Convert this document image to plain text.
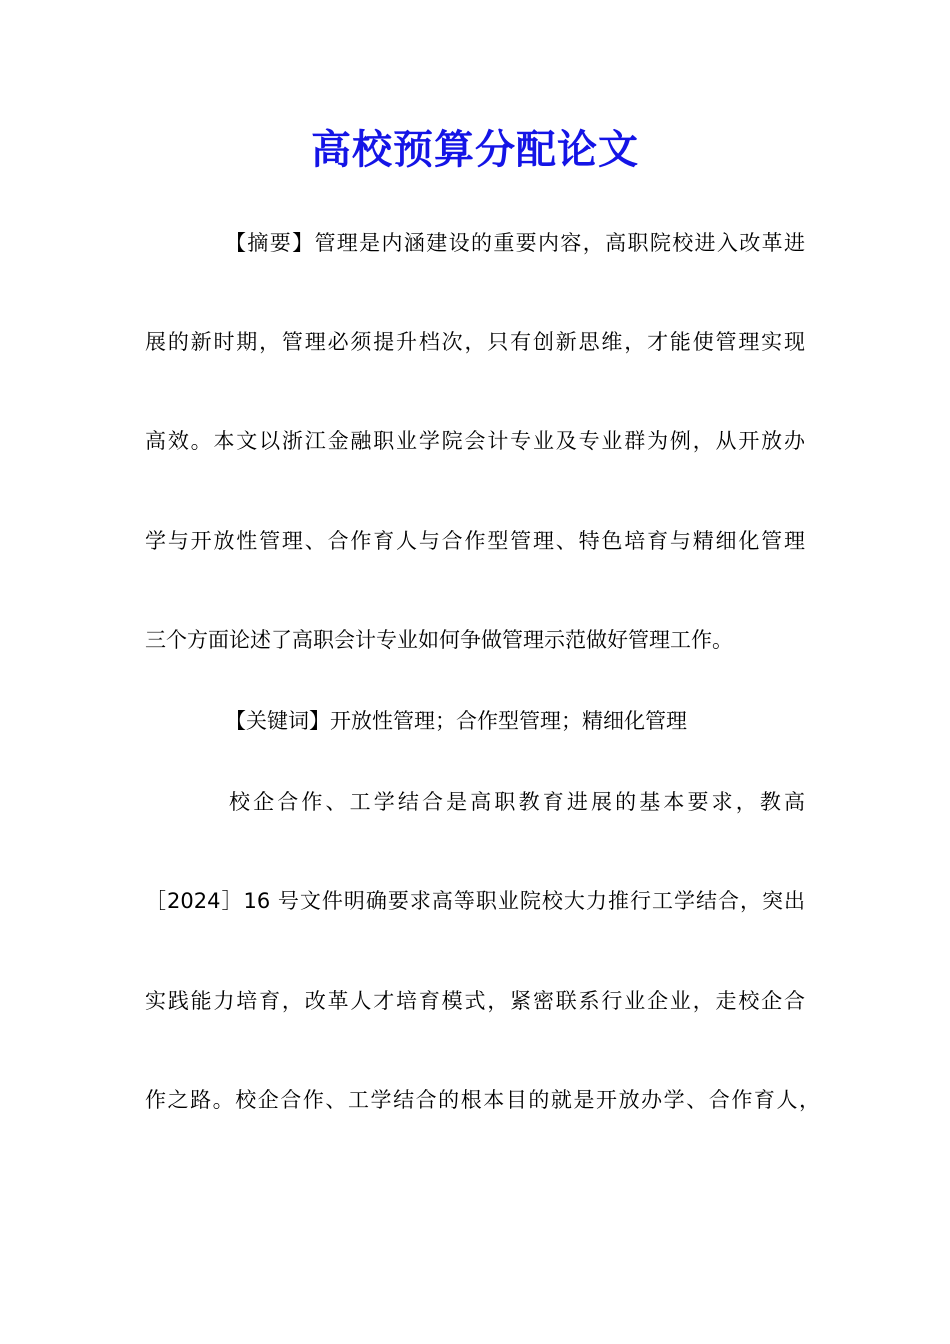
高校预算分配论文

【摘要】管理是内涵建设的重要内容，高职院校进入改革进

展的新时期，管理必须提升档次，只有创新思维，才能使管理实现

高效。本文以浙江金融职业学院会计专业及专业群为例，从开放办

学与开放性管理、合作育人与合作型管理、特色培育与精细化管理

三个方面论述了高职会计专业如何争做管理示范做好管理工作。

【关键词】开放性管理；合作型管理；精细化管理

校企合作、工学结合是高职教育进展的基本要求，教高

［2024］16 号文件明确要求高等职业院校大力推行工学结合，突出

实践能力培育，改革人才培育模式，紧密联系行业企业，走校企合

作之路。校企合作、工学结合的根本目的就是开放办学、合作育人，
